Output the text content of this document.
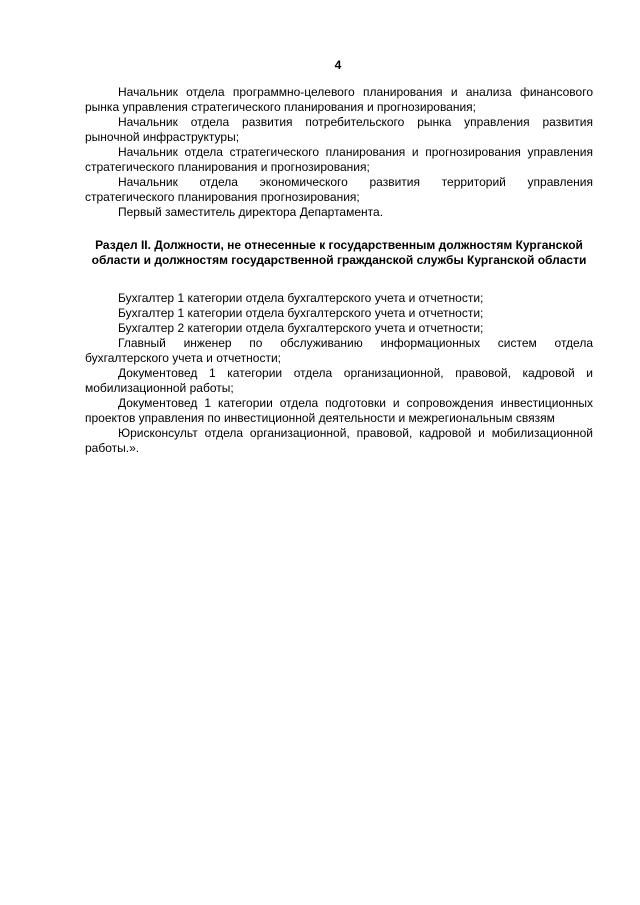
4

Начальник отдела программно-целевого планирования и анализа финансового рынка управления стратегического планирования и прогнозирования;

Начальник отдела развития потребительского рынка управления развития рыночной инфраструктуры;

Начальник отдела стратегического планирования и прогнозирования управления стратегического планирования и прогнозирования;

Начальник отдела экономического развития территорий управления стратегического планирования прогнозирования;

Первый заместитель директора Департамента.

Раздел II. Должности, не отнесенные к государственным должностям Курганской области и должностям государственной гражданской службы Курганской области

Бухгалтер 1 категории отдела бухгалтерского учета и отчетности;

Бухгалтер 1 категории отдела бухгалтерского учета и отчетности;

Бухгалтер 2 категории отдела бухгалтерского учета и отчетности;

Главный инженер по обслуживанию информационных систем отдела бухгалтерского учета и отчетности;

Документовед 1 категории отдела организационной, правовой, кадровой и мобилизационной работы;

Документовед 1 категории отдела подготовки и сопровождения инвестиционных проектов управления по инвестиционной деятельности и межрегиональным связям

Юрисконсульт отдела организационной, правовой, кадровой и мобилизационной работы.».
